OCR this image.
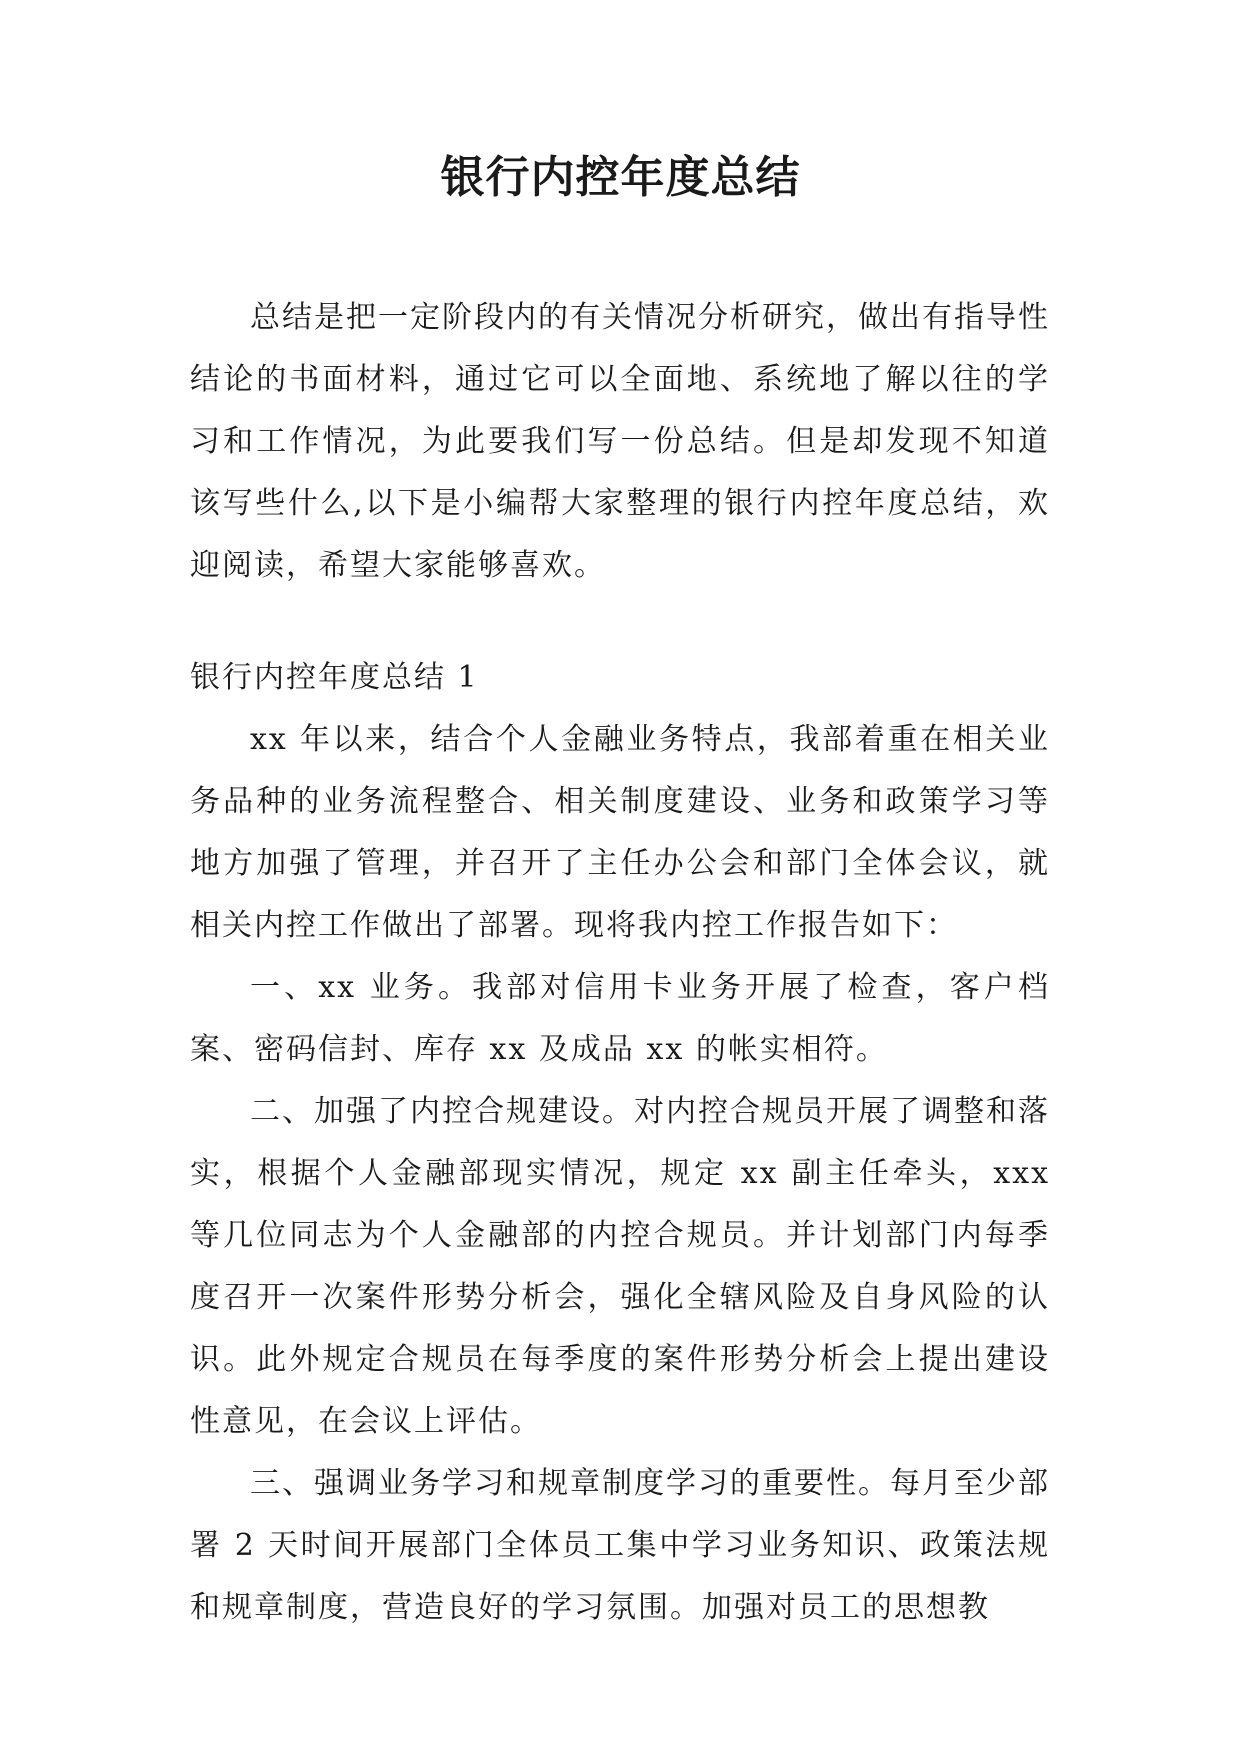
银行内控年度总结

总结是把一定阶段内的有关情况分析研究，做出有指导性结论的书面材料，通过它可以全面地、系统地了解以往的学习和工作情况，为此要我们写一份总结。但是却发现不知道该写些什么,以下是小编帮大家整理的银行内控年度总结，欢迎阅读，希望大家能够喜欢。

银行内控年度总结 1

xx 年以来，结合个人金融业务特点，我部着重在相关业务品种的业务流程整合、相关制度建设、业务和政策学习等地方加强了管理，并召开了主任办公会和部门全体会议，就相关内控工作做出了部署。现将我内控工作报告如下：

一、xx 业务。我部对信用卡业务开展了检查，客户档案、密码信封、库存 xx 及成品 xx 的帐实相符。

二、加强了内控合规建设。对内控合规员开展了调整和落实，根据个人金融部现实情况，规定 xx 副主任牵头，xxx 等几位同志为个人金融部的内控合规员。并计划部门内每季度召开一次案件形势分析会，强化全辖风险及自身风险的认识。此外规定合规员在每季度的案件形势分析会上提出建设性意见，在会议上评估。

三、强调业务学习和规章制度学习的重要性。每月至少部署 2 天时间开展部门全体员工集中学习业务知识、政策法规和规章制度，营造良好的学习氛围。加强对员工的思想教
